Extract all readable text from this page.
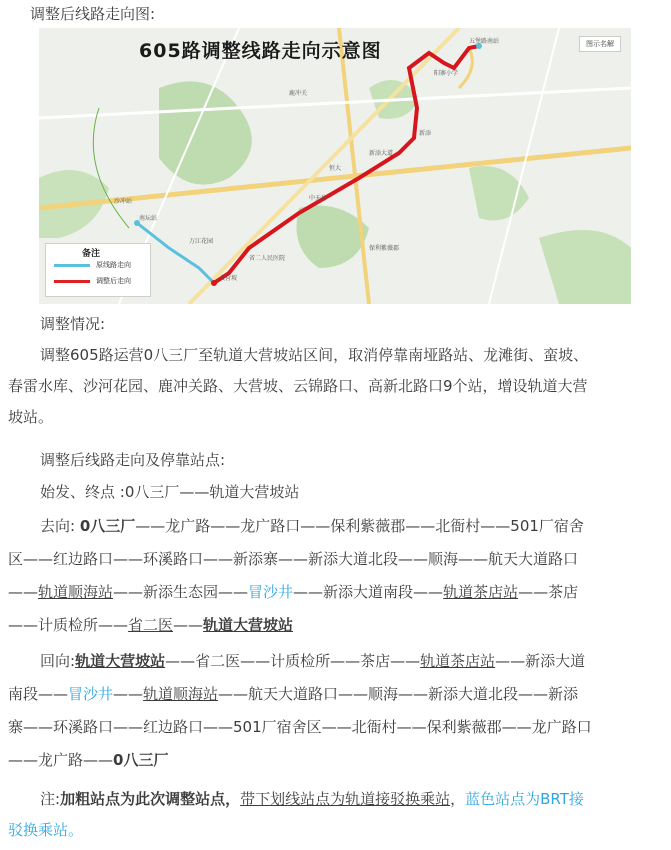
调整后线路走向图:
605路调整线路走向示意图	图示名解
五堡路南站
阳寨小学
新添大道
中天坊
保利紫薇郡
省二人民医院
大营坡
万江花园
南坛站
沙冲站
恒大
新添
鹿冲关
备注
原线路走向
调整后走向
调整情况:
调整605路运营0八三厂至轨道大营坡站区间，取消停靠南垭路站、龙滩街、蛮坡、
春雷水库、沙河花园、鹿冲关路、大营坡、云锦路口、高新北路口9个站，增设轨道大营
坡站。
调整后线路走向及停靠站点:
始发、终点 :0八三厂——轨道大营坡站
去向: 0八三厂——龙广路——龙广路口——保利紫薇郡——北衙村——501厂宿舍
区——红边路口——环溪路口——新添寨——新添大道北段——顺海——航天大道路口
——轨道顺海站——新添生态园——冒沙井——新添大道南段——轨道茶店站——茶店
——计质检所——省二医——轨道大营坡站
回向:轨道大营坡站——省二医——计质检所——茶店——轨道茶店站——新添大道
南段——冒沙井——轨道顺海站——航天大道路口——顺海——新添大道北段——新添
寨——环溪路口——红边路口——501厂宿舍区——北衙村——保利紫薇郡——龙广路口
——龙广路——0八三厂
注:加粗站点为此次调整站点，带下划线站点为轨道接驳换乘站，蓝色站点为BRT接
驳换乘站。
